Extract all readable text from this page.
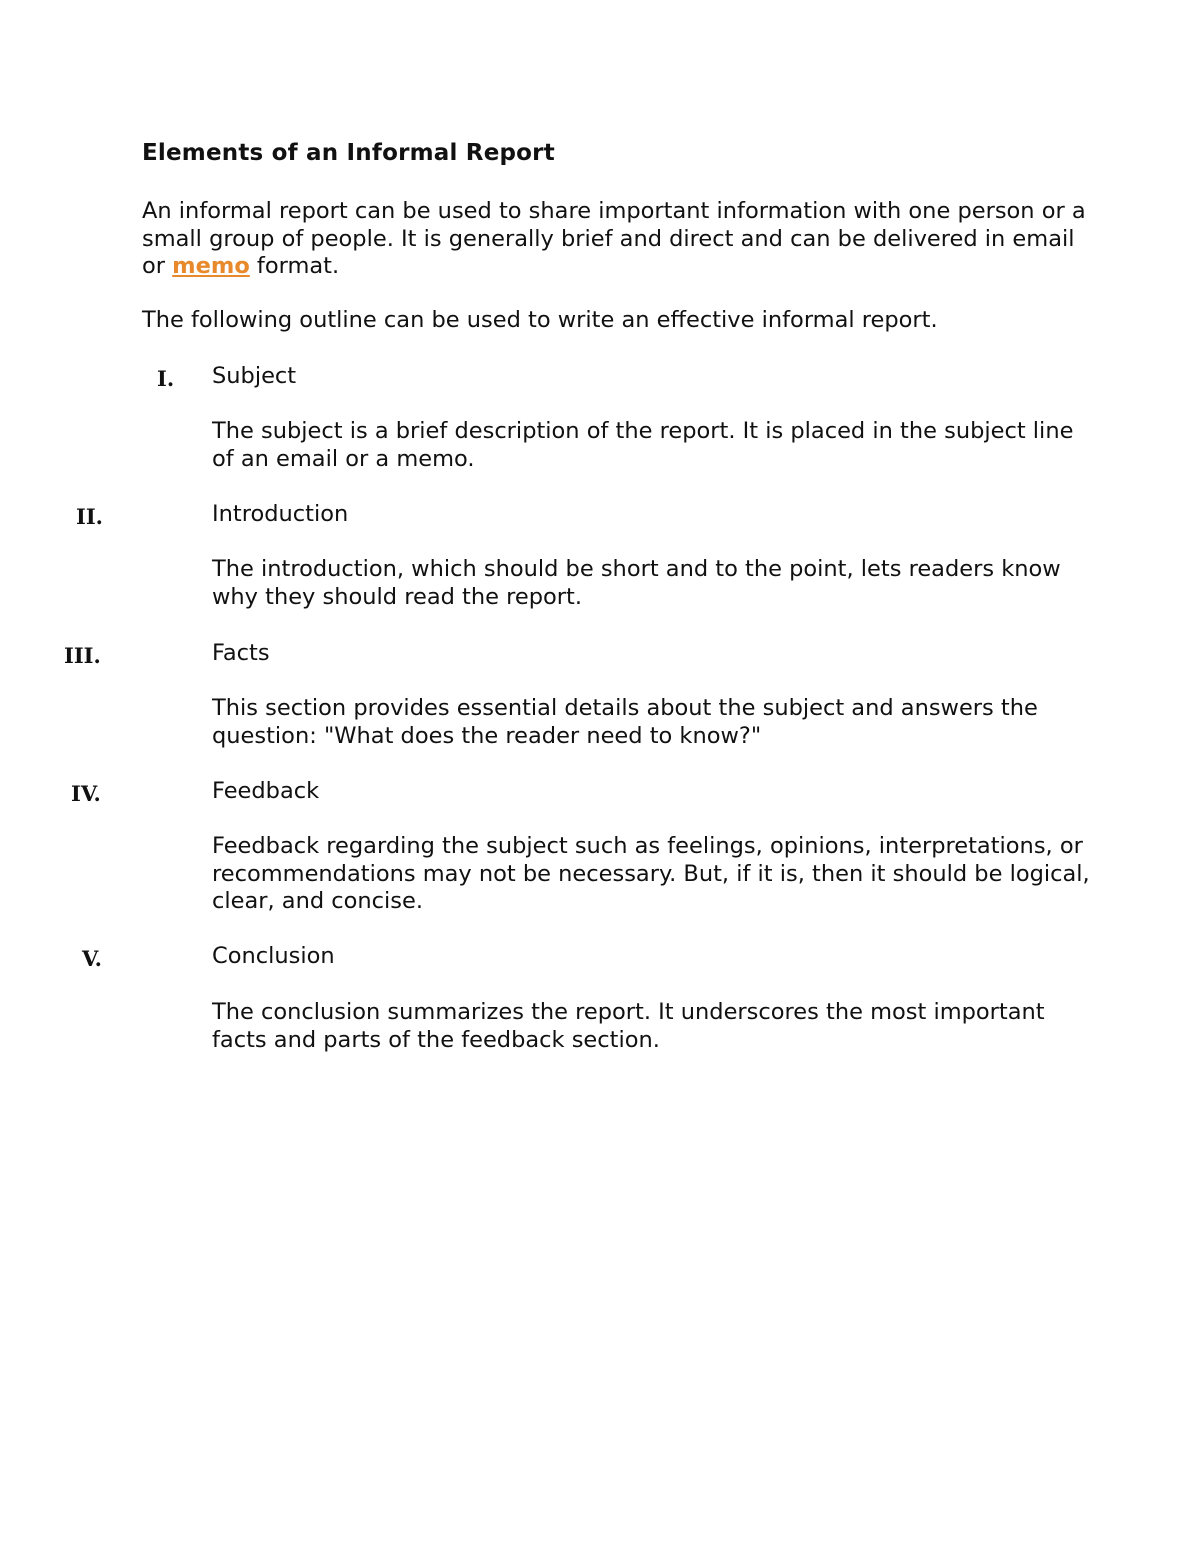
Elements of an Informal Report

An informal report can be used to share important information with one person or a small group of people. It is generally brief and direct and can be delivered in email or memo format.

The following outline can be used to write an effective informal report.

I. Subject

The subject is a brief description of the report. It is placed in the subject line of an email or a memo.

II.	Introduction

The introduction, which should be short and to the point, lets readers know why they should read the report.

III.	Facts

This section provides essential details about the subject and answers the question: "What does the reader need to know?"

IV.	Feedback

Feedback regarding the subject such as feelings, opinions, interpretations, or recommendations may not be necessary. But, if it is, then it should be logical, clear, and concise.

V.	Conclusion

The conclusion summarizes the report. It underscores the most important facts and parts of the feedback section.
